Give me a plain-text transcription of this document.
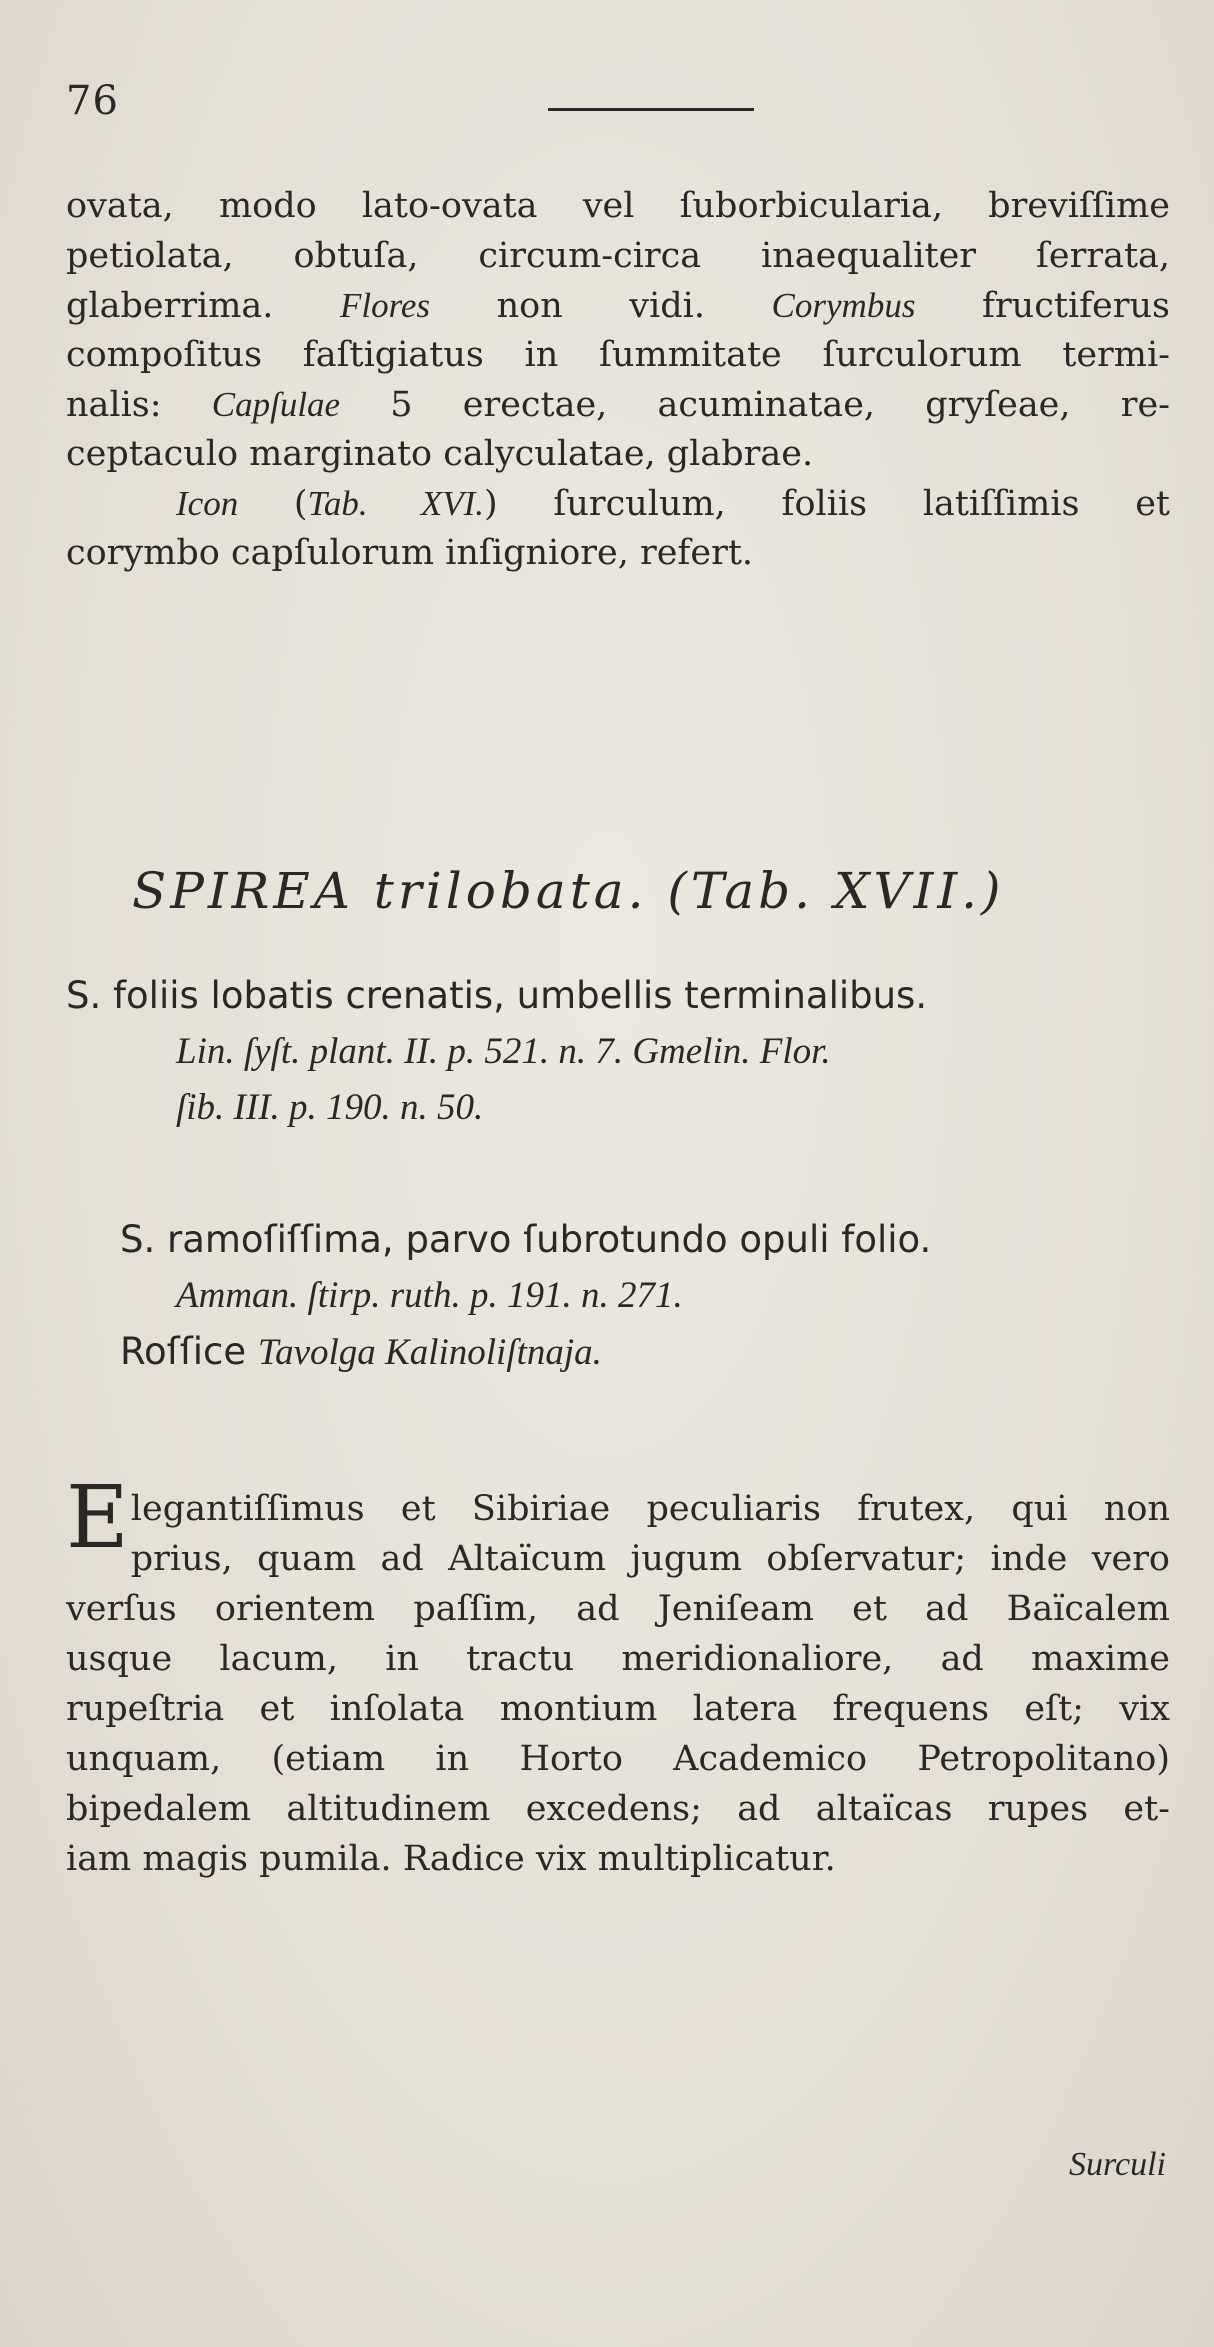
76
ovata, modo lato-ovata vel ſuborbicularia, breviſſime
petiolata, obtuſa, circum-circa inaequaliter ſerrata,
glaberrima. Flores non vidi. Corymbus fructiferus
compoſitus faſtigiatus in ſummitate ſurculorum termi-
nalis: Capſulae 5 erectae, acuminatae, gryſeae, re-
ceptaculo marginato calyculatae, glabrae.
Icon (Tab. XVI.) ſurculum, foliis latiſſimis et
corymbo capſulorum inſigniore, refert.
SPIREA trilobata. (Tab. XVII.)
S. foliis lobatis crenatis, umbellis terminalibus.
Lin. ſyſt. plant. II. p. 521. n. 7. Gmelin. Flor.
ſib. III. p. 190. n. 50.
S. ramoſiſſima, parvo ſubrotundo opuli folio.
Amman. ſtirp. ruth. p. 191. n. 271.
Roſſice Tavolga Kalinoliſtnaja.
E legantiſſimus et Sibiriae peculiaris frutex, qui non
prius, quam ad Altaïcum jugum obſervatur; inde vero
verſus orientem paſſim, ad Jeniſeam et ad Baïcalem
usque lacum, in tractu meridionaliore, ad maxime
rupeſtria et inſolata montium latera frequens eſt; vix
unquam, (etiam in Horto Academico Petropolitano)
bipedalem altitudinem excedens; ad altaïcas rupes et-
iam magis pumila. Radice vix multiplicatur.
Surculi
